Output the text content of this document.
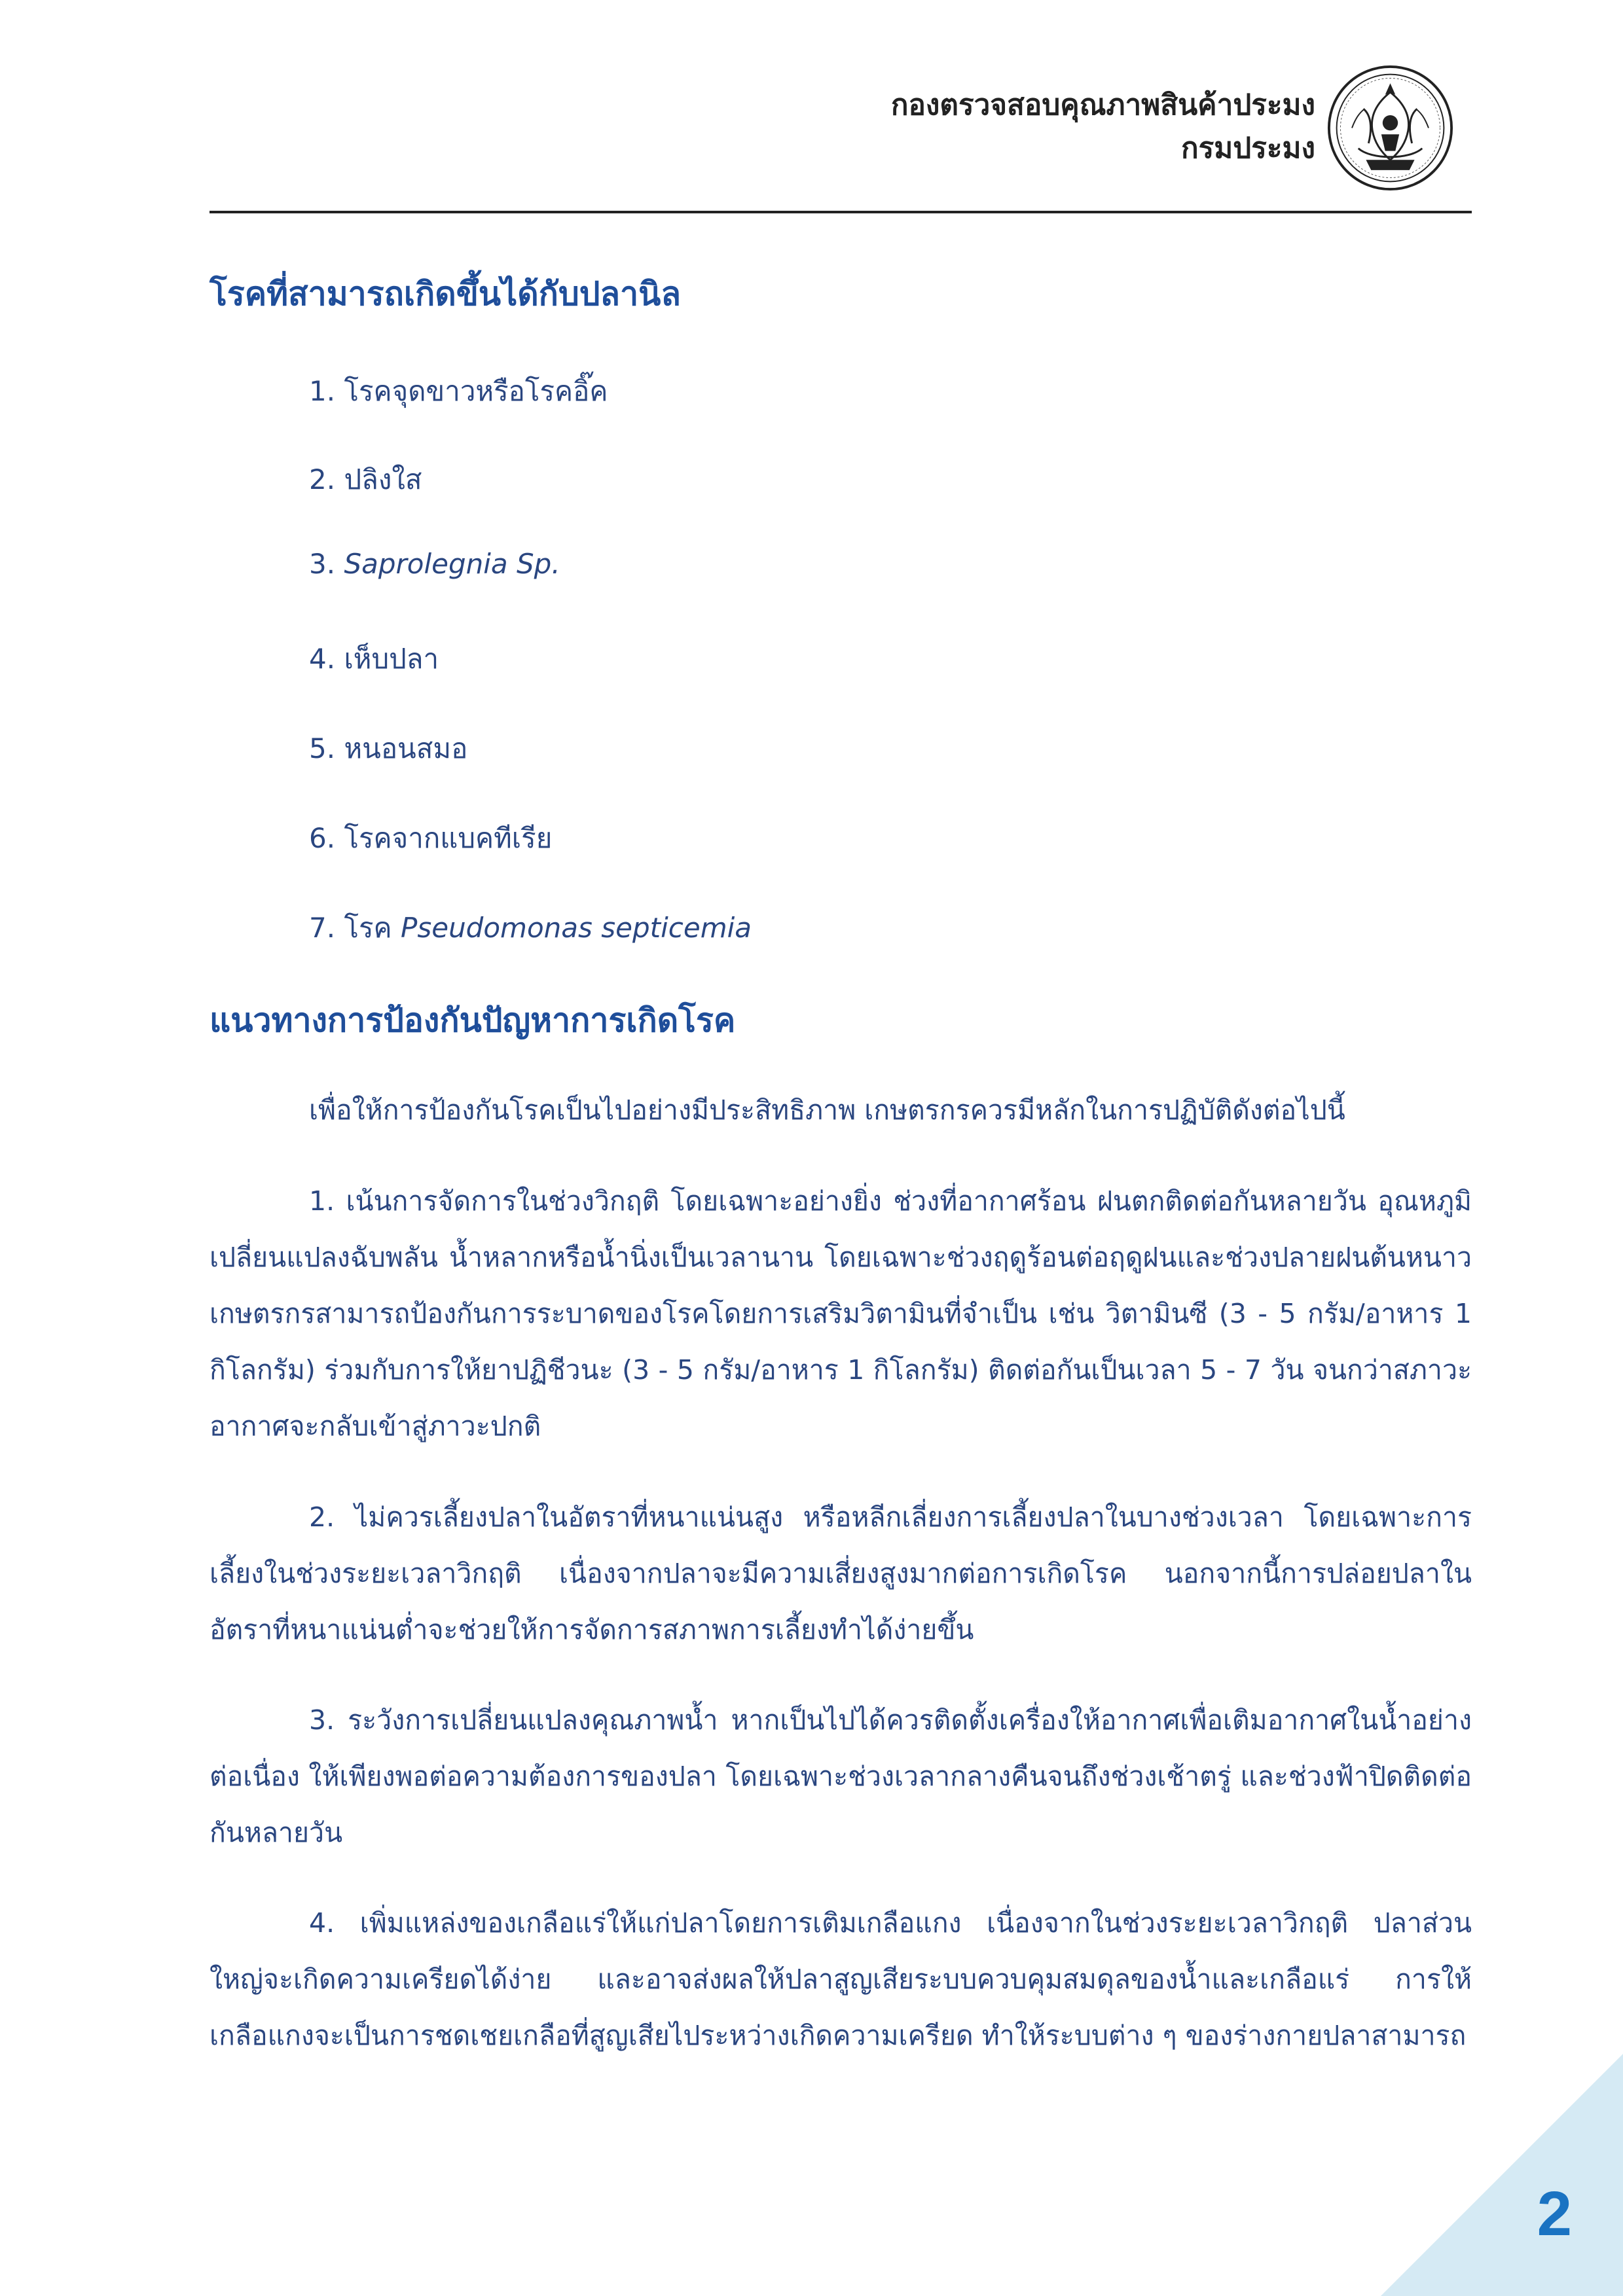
กองตรวจสอบคุณภาพสินค้าประมง
กรมประมง
โรคที่สามารถเกิดขึ้นได้กับปลานิล
1. โรคจุดขาวหรือโรคอิ๊ค
2. ปลิงใส
3. Saprolegnia Sp.
4. เห็บปลา
5. หนอนสมอ
6. โรคจากแบคทีเรีย
7. โรค Pseudomonas septicemia
แนวทางการป้องกันปัญหาการเกิดโรค
เพื่อให้การป้องกันโรคเป็นไปอย่างมีประสิทธิภาพ เกษตรกรควรมีหลักในการปฏิบัติดังต่อไปนี้
1. เน้นการจัดการในช่วงวิกฤติ โดยเฉพาะอย่างยิ่ง ช่วงที่อากาศร้อน ฝนตกติดต่อกันหลายวัน อุณหภูมิเปลี่ยนแปลงฉับพลัน น้ำหลากหรือน้ำนิ่งเป็นเวลานาน โดยเฉพาะช่วงฤดูร้อนต่อฤดูฝนและช่วงปลายฝนต้นหนาว เกษตรกรสามารถป้องกันการระบาดของโรคโดยการเสริมวิตามินที่จำเป็น เช่น วิตามินซี (3 - 5 กรัม/อาหาร 1 กิโลกรัม) ร่วมกับการให้ยาปฏิชีวนะ (3 - 5 กรัม/อาหาร 1 กิโลกรัม) ติดต่อกันเป็นเวลา 5 - 7 วัน จนกว่าสภาวะอากาศจะกลับเข้าสู่ภาวะปกติ
2. ไม่ควรเลี้ยงปลาในอัตราที่หนาแน่นสูง หรือหลีกเลี่ยงการเลี้ยงปลาในบางช่วงเวลา โดยเฉพาะการเลี้ยงในช่วงระยะเวลาวิกฤติ เนื่องจากปลาจะมีความเสี่ยงสูงมากต่อการเกิดโรค นอกจากนี้การปล่อยปลาในอัตราที่หนาแน่นต่ำจะช่วยให้การจัดการสภาพการเลี้ยงทำได้ง่ายขึ้น
3. ระวังการเปลี่ยนแปลงคุณภาพน้ำ หากเป็นไปได้ควรติดตั้งเครื่องให้อากาศเพื่อเติมอากาศในน้ำอย่างต่อเนื่อง ให้เพียงพอต่อความต้องการของปลา โดยเฉพาะช่วงเวลากลางคืนจนถึงช่วงเช้าตรู่ และช่วงฟ้าปิดติดต่อกันหลายวัน
4. เพิ่มแหล่งของเกลือแร่ให้แก่ปลาโดยการเติมเกลือแกง เนื่องจากในช่วงระยะเวลาวิกฤติ ปลาส่วนใหญ่จะเกิดความเครียดได้ง่าย และอาจส่งผลให้ปลาสูญเสียระบบควบคุมสมดุลของน้ำและเกลือแร่ การให้เกลือแกงจะเป็นการชดเชยเกลือที่สูญเสียไประหว่างเกิดความเครียด ทำให้ระบบต่าง ๆ ของร่างกายปลาสามารถ
2
